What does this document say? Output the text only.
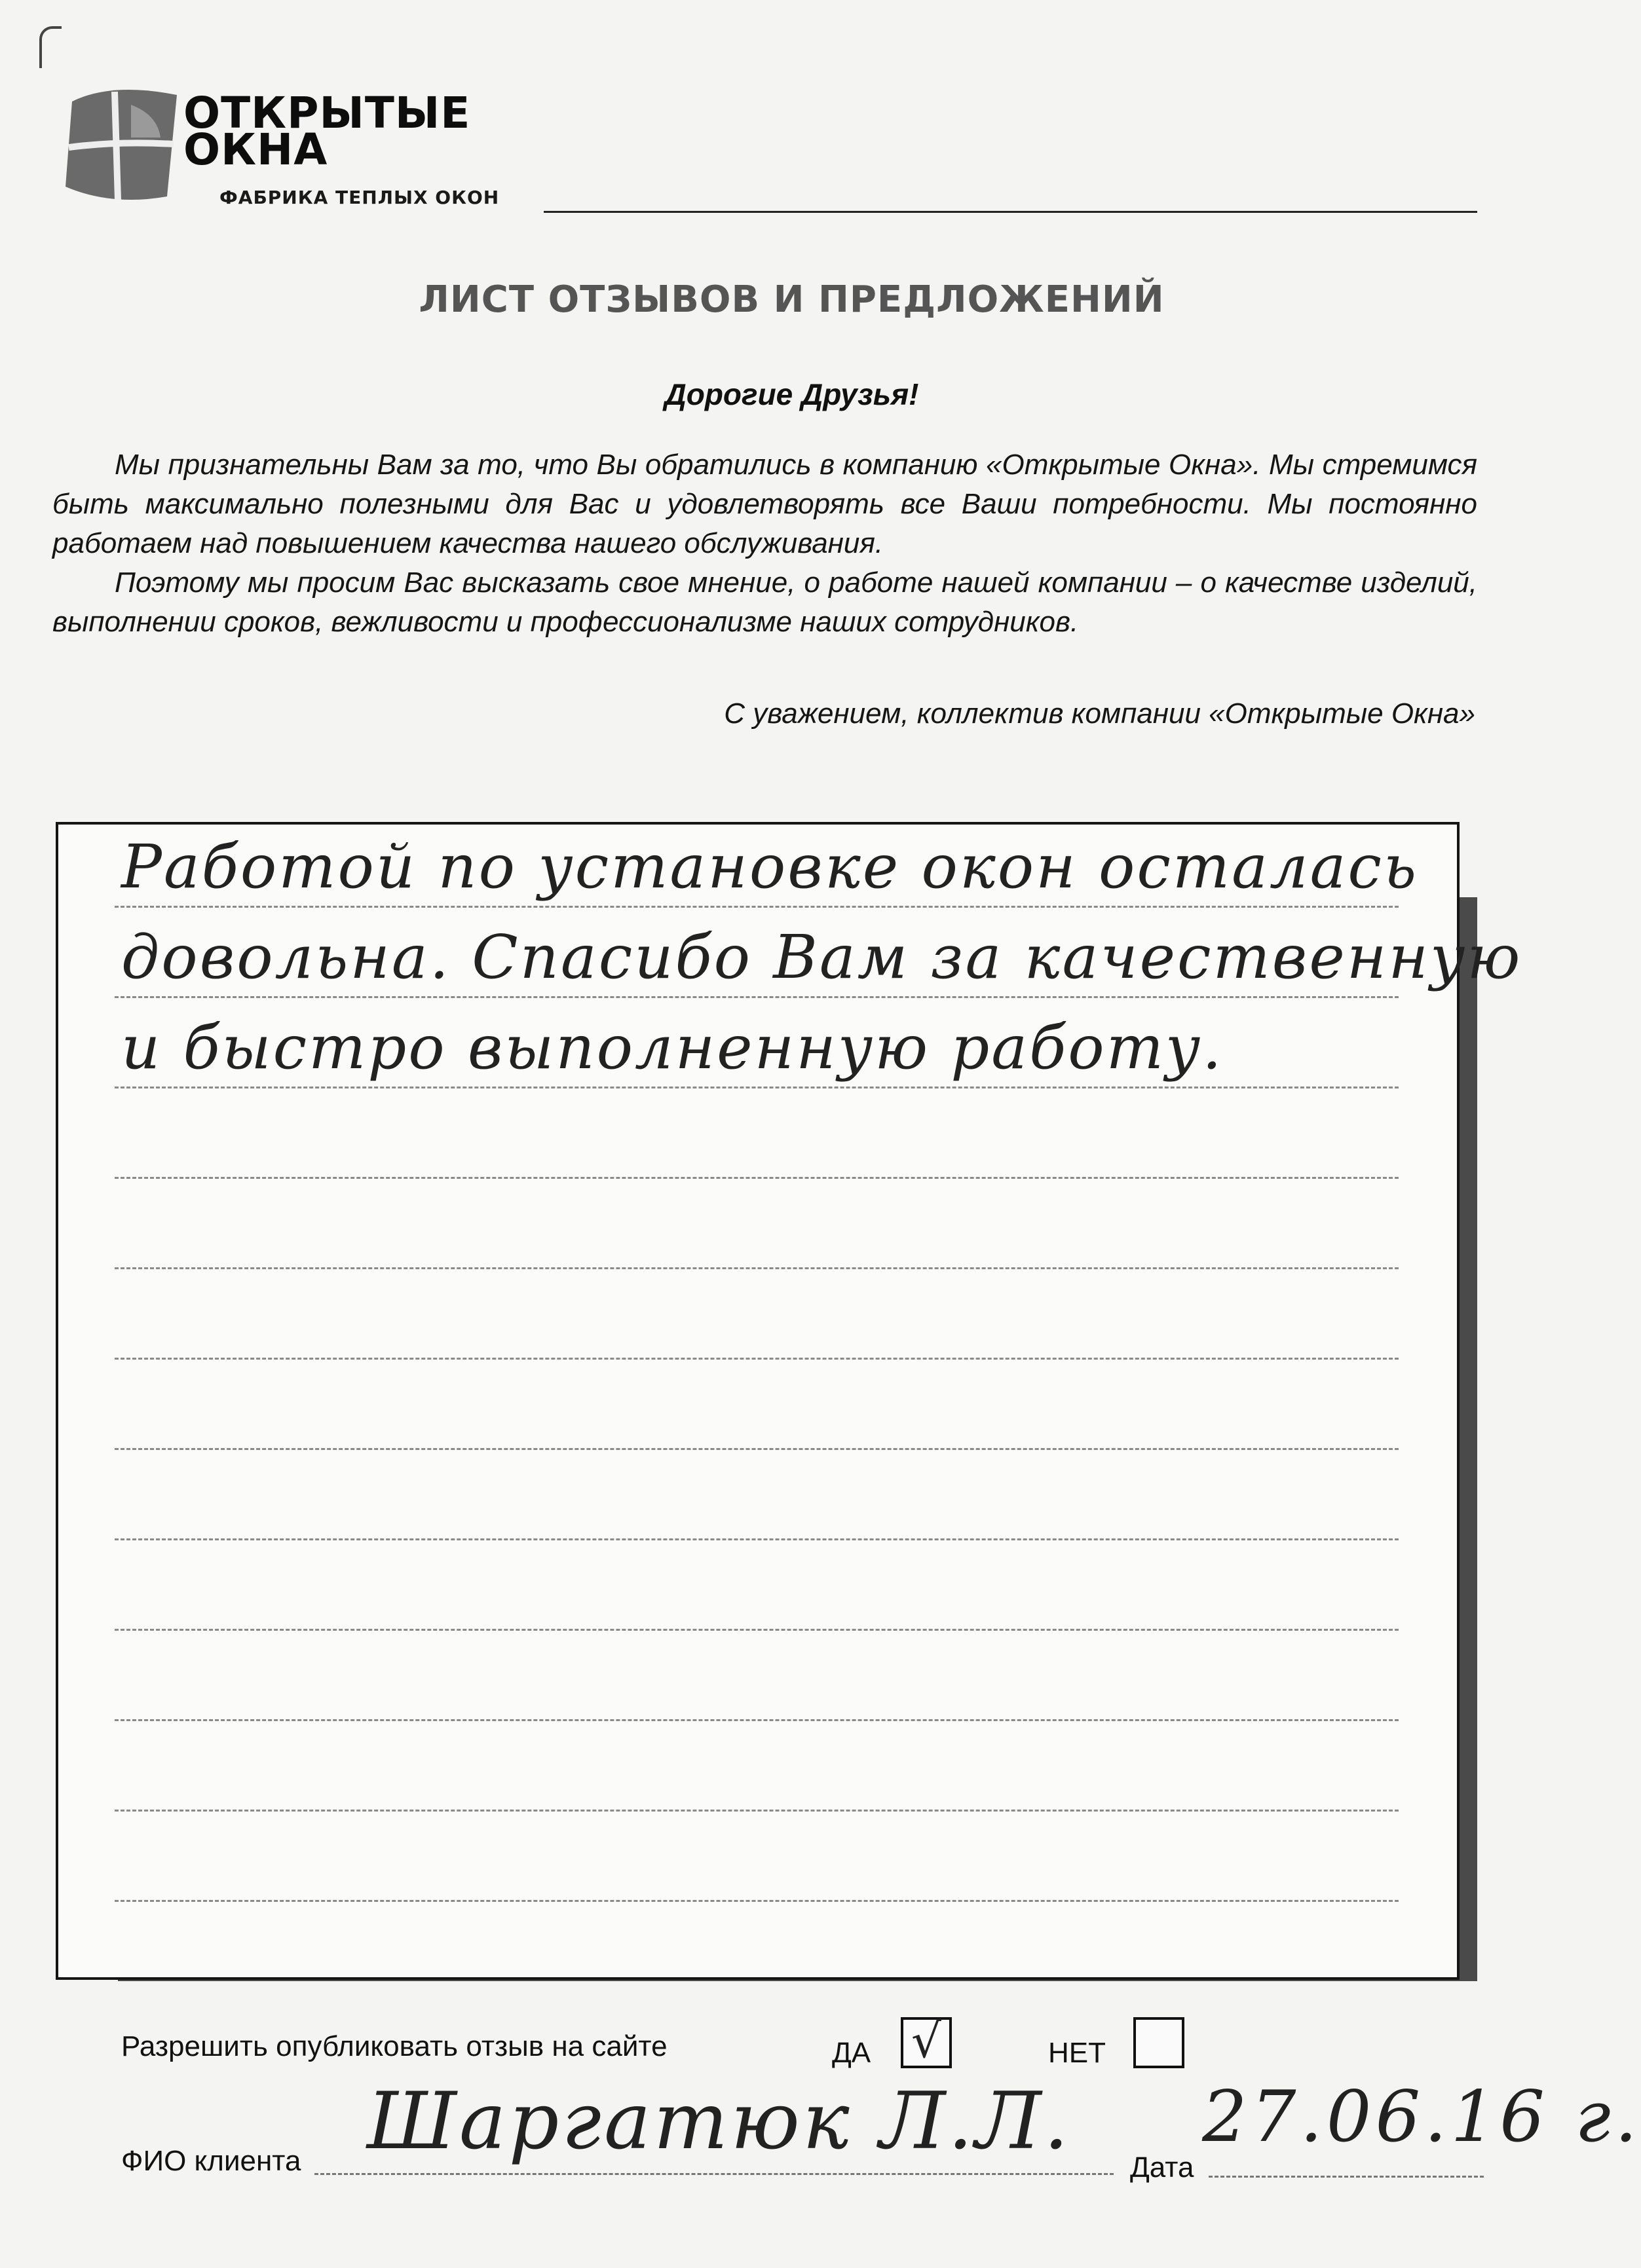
ОТКРЫТЫЕ
ОКНА
ФАБРИКА ТЕПЛЫХ ОКОН
ЛИСТ ОТЗЫВОВ И ПРЕДЛОЖЕНИЙ
Дорогие Друзья!

Мы признательны Вам за то, что Вы обратились в компанию «Открытые Окна». Мы стремимся быть максимально полезными для Вас и удовлетворять все Ваши потребности. Мы постоянно работаем над повышением качества нашего обслуживания.

Поэтому мы просим Вас высказать свое мнение, о работе нашей компании – о качестве изделий, выполнении сроков, вежливости и профессионализме наших сотрудников.

С уважением, коллектив компании «Открытые Окна»
Работой по установке окон осталась
довольна. Спасибо Вам за качественную
и быстро выполненную работу.
Разрешить опубликовать отзыв на сайте	ДА √	НЕТ
ФИО клиента Шаргатюк Л.Л.
Дата
27.06.16 г.
